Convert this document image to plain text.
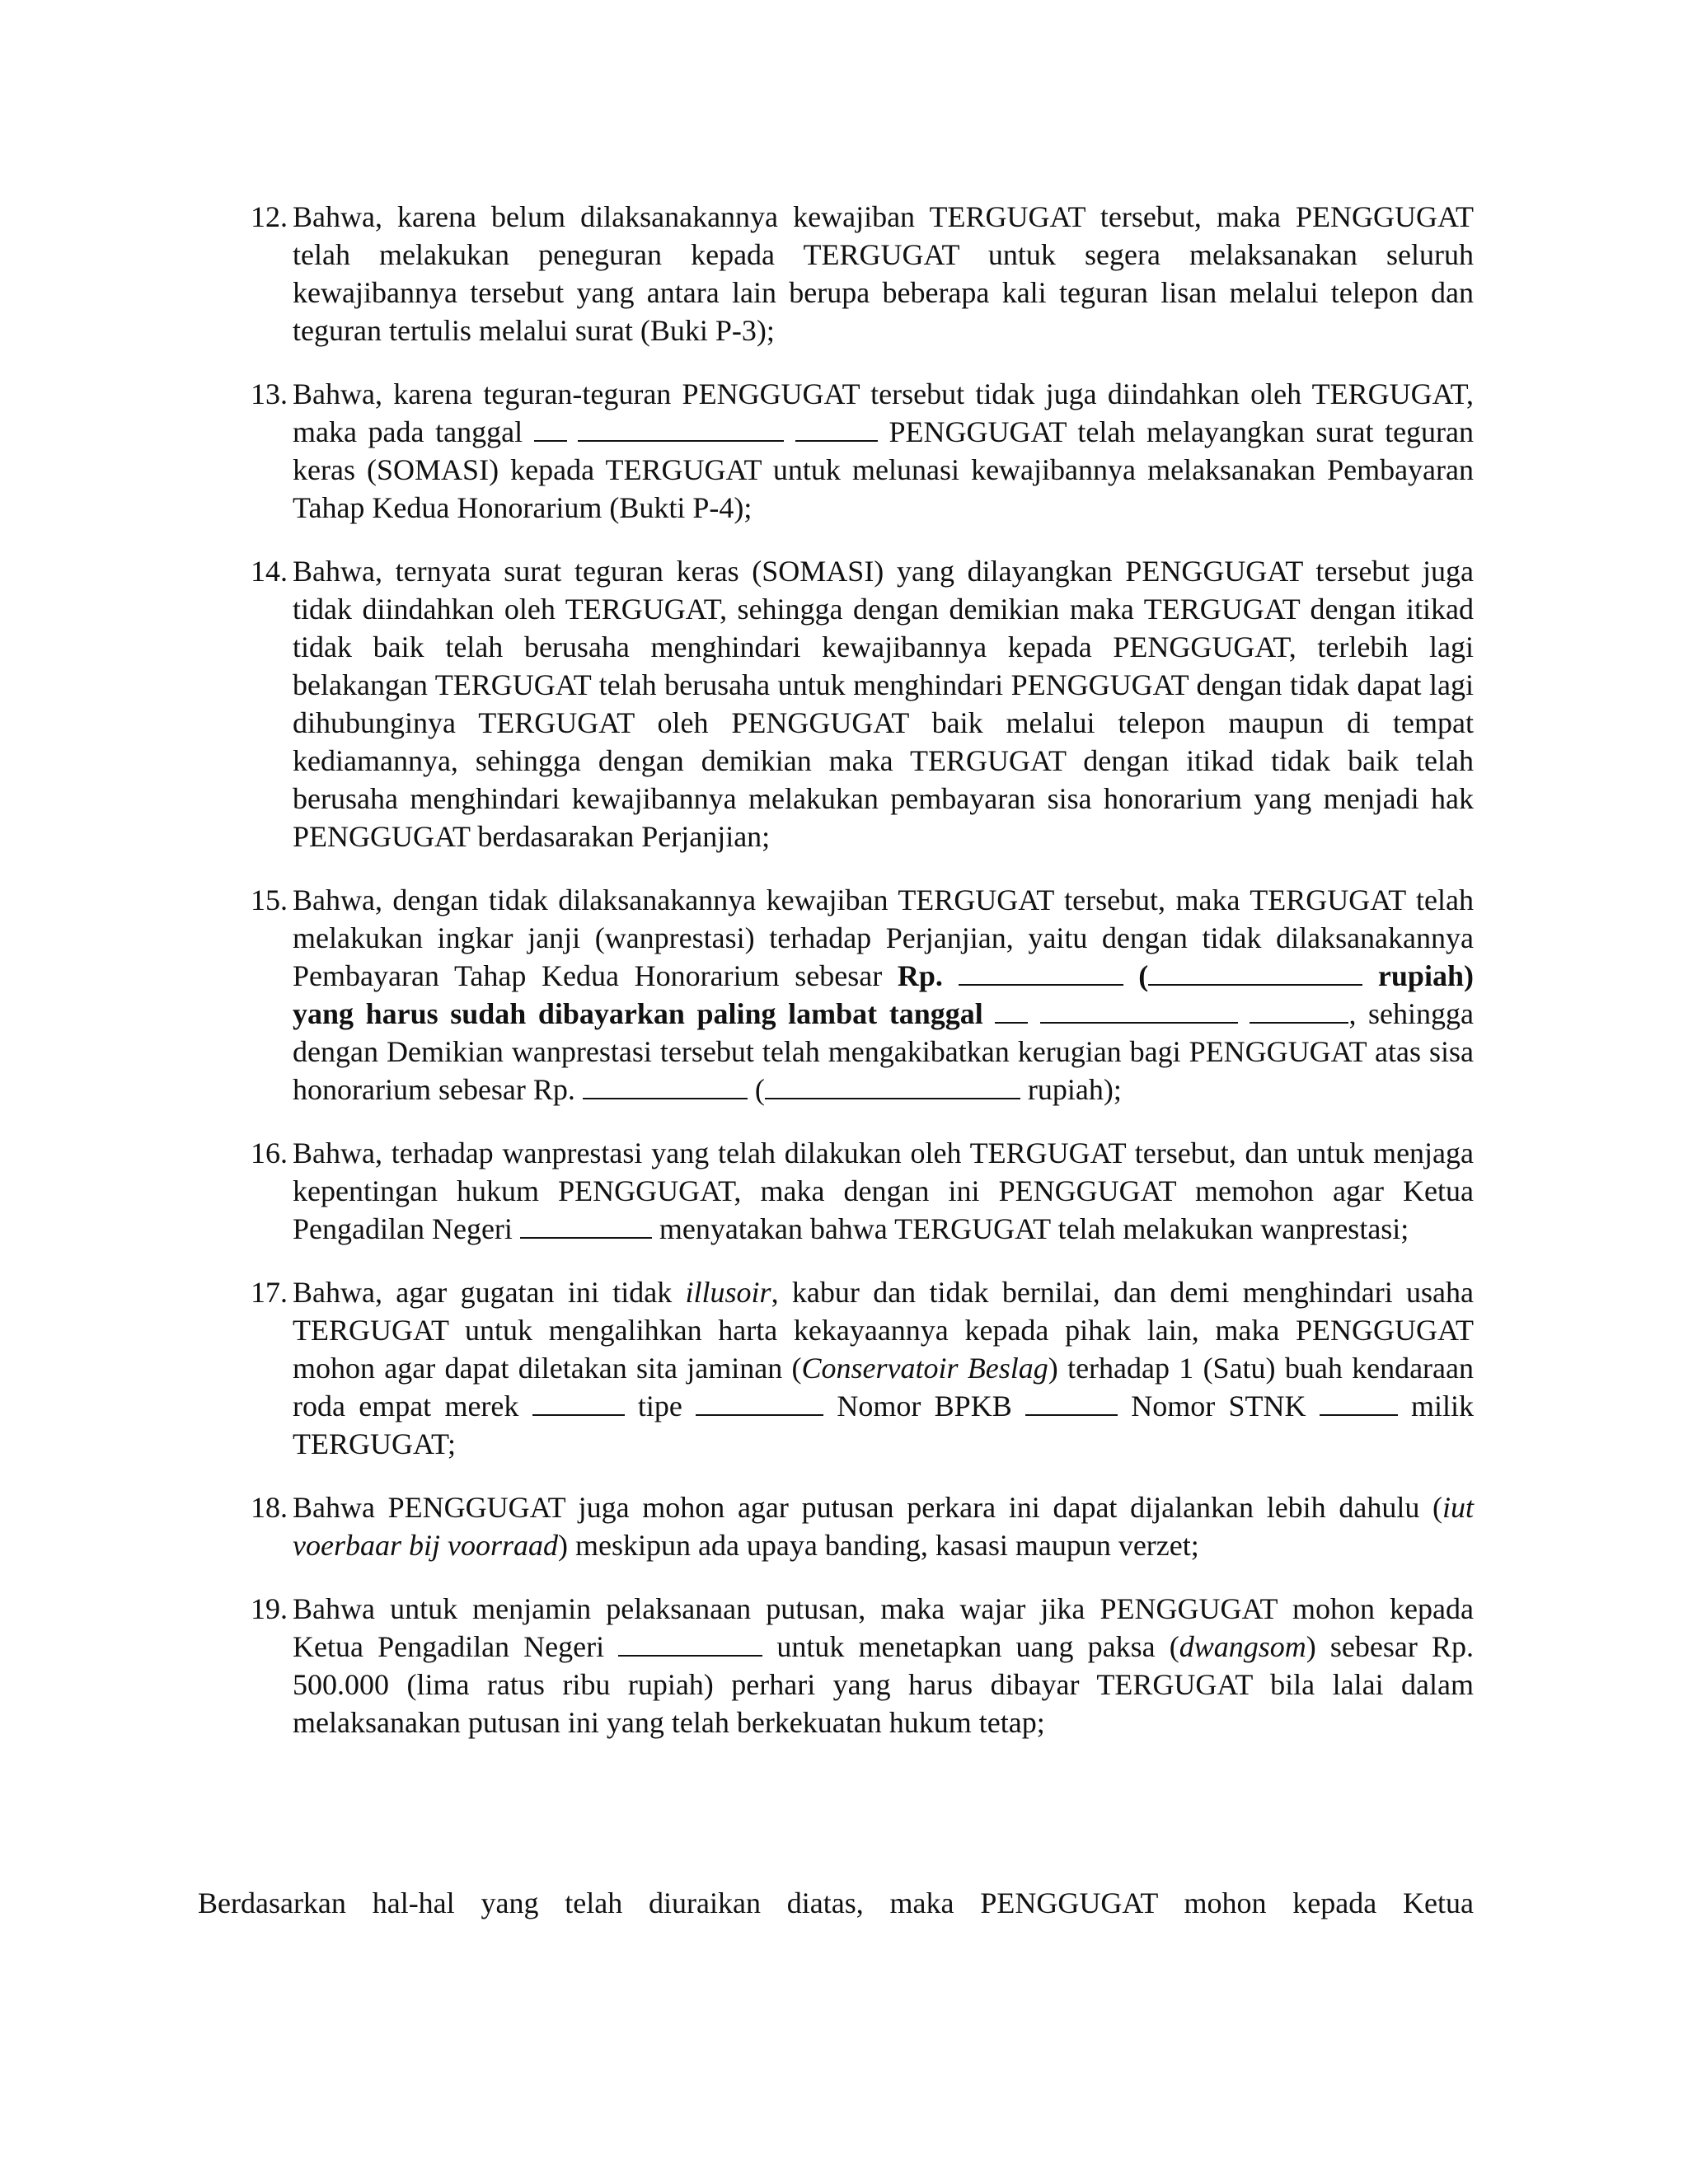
12. Bahwa, karena belum dilaksanakannya kewajiban TERGUGAT tersebut, maka PENGGUGAT telah melakukan peneguran kepada TERGUGAT untuk segera melaksanakan seluruh kewajibannya tersebut yang antara lain berupa beberapa kali teguran lisan melalui telepon dan teguran tertulis melalui surat (Buki P-3);
13. Bahwa, karena teguran-teguran PENGGUGAT tersebut tidak juga diindahkan oleh TERGUGAT, maka pada tanggal	PENGGUGAT telah melayangkan surat teguran keras (SOMASI) kepada TERGUGAT untuk melunasi kewajibannya melaksanakan Pembayaran Tahap Kedua Honorarium (Bukti P-4);
14. Bahwa, ternyata surat teguran keras (SOMASI) yang dilayangkan PENGGUGAT tersebut juga tidak diindahkan oleh TERGUGAT, sehingga dengan demikian maka TERGUGAT dengan itikad tidak baik telah berusaha menghindari kewajibannya kepada PENGGUGAT, terlebih lagi belakangan TERGUGAT telah berusaha untuk menghindari PENGGUGAT dengan tidak dapat lagi dihubunginya TERGUGAT oleh PENGGUGAT baik melalui telepon maupun di tempat kediamannya, sehingga dengan demikian maka TERGUGAT dengan itikad tidak baik telah berusaha menghindari kewajibannya melakukan pembayaran sisa honorarium yang menjadi hak PENGGUGAT berdasarakan Perjanjian;
15. Bahwa, dengan tidak dilaksanakannya kewajiban TERGUGAT tersebut, maka TERGUGAT telah melakukan ingkar janji (wanprestasi) terhadap Perjanjian, yaitu dengan tidak dilaksanakannya Pembayaran Tahap Kedua Honorarium sebesar Rp.	(	rupiah) yang harus sudah dibayarkan paling lambat tanggal	, sehingga dengan Demikian wanprestasi tersebut telah mengakibatkan kerugian bagi PENGGUGAT atas sisa honorarium sebesar Rp.	(	rupiah);
16. Bahwa, terhadap wanprestasi yang telah dilakukan oleh TERGUGAT tersebut, dan untuk menjaga kepentingan hukum PENGGUGAT, maka dengan ini PENGGUGAT memohon agar Ketua Pengadilan Negeri	menyatakan bahwa TERGUGAT telah melakukan wanprestasi;
17. Bahwa, agar gugatan ini tidak illusoir, kabur dan tidak bernilai, dan demi menghindari usaha TERGUGAT untuk mengalihkan harta kekayaannya kepada pihak lain, maka PENGGUGAT mohon agar dapat diletakan sita jaminan (Conservatoir Beslag) terhadap 1 (Satu) buah kendaraan roda empat merek	tipe	Nomor BPKB	Nomor STNK	milik TERGUGAT;
18. Bahwa PENGGUGAT juga mohon agar putusan perkara ini dapat dijalankan lebih dahulu (iut voerbaar bij voorraad) meskipun ada upaya banding, kasasi maupun verzet;
19. Bahwa untuk menjamin pelaksanaan putusan, maka wajar jika PENGGUGAT mohon kepada Ketua Pengadilan Negeri	untuk menetapkan uang paksa (dwangsom) sebesar Rp. 500.000 (lima ratus ribu rupiah) perhari yang harus dibayar TERGUGAT bila lalai dalam melaksanakan putusan ini yang telah berkekuatan hukum tetap;
Berdasarkan hal-hal yang telah diuraikan diatas, maka PENGGUGAT mohon kepada Ketua
